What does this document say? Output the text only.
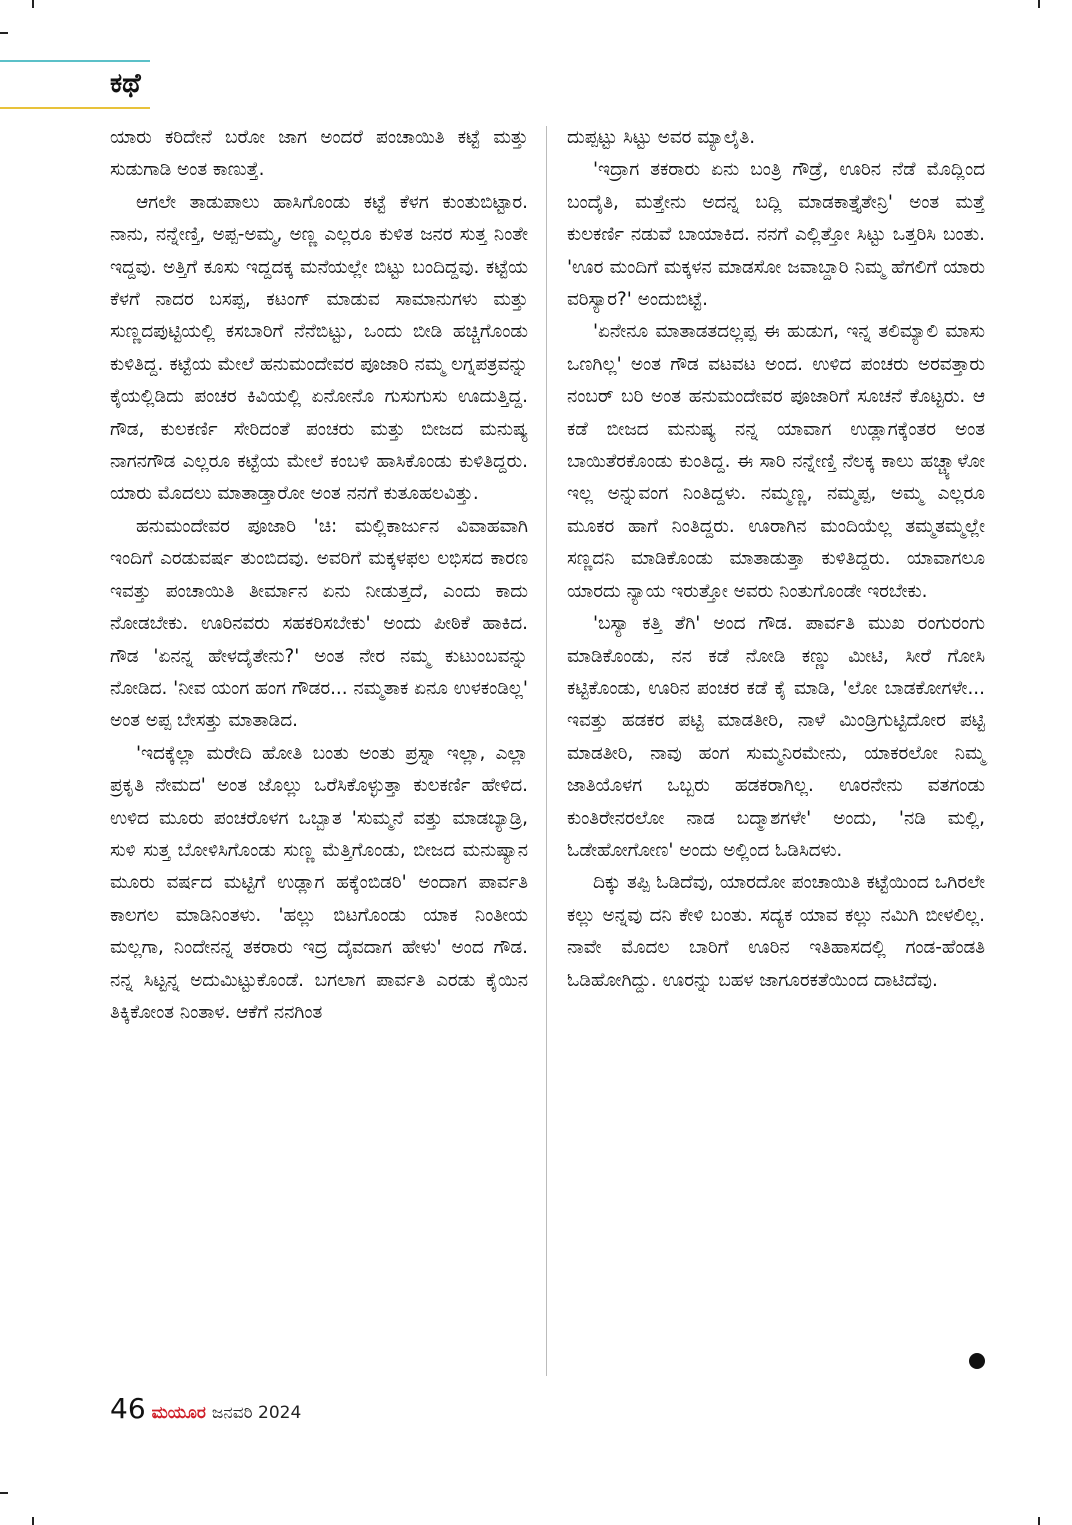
ಕಥೆ

ಯಾರು ಕರಿದೇನೆ ಬರೋ ಜಾಗ ಅಂದರೆ ಪಂಚಾಯಿತಿ ಕಟ್ಟೆ ಮತ್ತು ಸುಡುಗಾಡಿ ಅಂತ ಕಾಣುತ್ತೆ.

ಆಗಲೇ ತಾಡುಪಾಲು ಹಾಸಿಗೊಂಡು ಕಟ್ಟೆ ಕೆಳಗ ಕುಂತುಬಿಟ್ಟಾರ. ನಾನು, ನನ್ನೇಣ್ತಿ, ಅಪ್ಪ-ಅಮ್ಮ, ಅಣ್ಣ ಎಲ್ಲರೂ ಕುಳಿತ ಜನರ ಸುತ್ತ ನಿಂತೇ ಇದ್ದವು. ಅತ್ತಿಗೆ ಕೂಸು ಇದ್ದದಕ್ಕ ಮನೆಯಲ್ಲೇ ಬಿಟ್ಟು ಬಂದಿದ್ದವು. ಕಟ್ಟೆಯ ಕೆಳಗೆ ನಾದರ ಬಸಪ್ಪ, ಕಟಂಗ್ ಮಾಡುವ ಸಾಮಾನುಗಳು ಮತ್ತು ಸುಣ್ಣದಪುಟ್ಟಿಯಲ್ಲಿ ಕಸಬಾರಿಗೆ ನೆನೆಬಿಟ್ಟು, ಒಂದು ಬೀಡಿ ಹಚ್ಚಿಗೊಂಡು ಕುಳಿತಿದ್ದ. ಕಟ್ಟೆಯ ಮೇಲೆ ಹನುಮಂದೇವರ ಪೂಜಾರಿ ನಮ್ಮ ಲಗ್ನಪತ್ರವನ್ನು ಕೈಯಲ್ಲಿಡಿದು ಪಂಚರ ಕಿವಿಯಲ್ಲಿ ಏನೋನೊ ಗುಸುಗುಸು ಊದುತ್ತಿದ್ದ. ಗೌಡ, ಕುಲಕರ್ಣಿ ಸೇರಿದಂತೆ ಪಂಚರು ಮತ್ತು ಬೀಜದ ಮನುಷ್ಯ ನಾಗನಗೌಡ ಎಲ್ಲರೂ ಕಟ್ಟೆಯ ಮೇಲೆ ಕಂಬಳಿ ಹಾಸಿಕೊಂಡು ಕುಳಿತಿದ್ದರು. ಯಾರು ಮೊದಲು ಮಾತಾಡ್ತಾರೋ ಅಂತ ನನಗೆ ಕುತೂಹಲವಿತ್ತು.

ಹನುಮಂದೇವರ ಪೂಜಾರಿ 'ಚಿ: ಮಲ್ಲಿಕಾರ್ಜುನ ವಿವಾಹವಾಗಿ ಇಂದಿಗೆ ಎರಡುವರ್ಷ ತುಂಬಿದವು. ಅವರಿಗೆ ಮಕ್ಕಳಫಲ ಲಭಿಸದ ಕಾರಣ ಇವತ್ತು ಪಂಚಾಯಿತಿ ತೀರ್ಮಾನ ಏನು ನೀಡುತ್ತದೆ, ಎಂದು ಕಾದು ನೋಡಬೇಕು. ಊರಿನವರು ಸಹಕರಿಸಬೇಕು' ಅಂದು ಪೀಠಿಕೆ ಹಾಕಿದ. ಗೌಡ 'ಏನನ್ನ ಹೇಳದೈತೇನು?' ಅಂತ ನೇರ ನಮ್ಮ ಕುಟುಂಬವನ್ನು ನೋಡಿದ. 'ನೀವ ಯಂಗ ಹಂಗ ಗೌಡರ... ನಮ್ಮತಾಕ ಏನೂ ಉಳಕಂಡಿಲ್ಲ' ಅಂತ ಅಪ್ಪ ಬೇಸತ್ತು ಮಾತಾಡಿದ.

'ಇದಕ್ಕೆಲ್ಲಾ ಮರೇದಿ ಹೋತಿ ಬಂತು ಅಂತು ಪ್ರಸ್ನಾ ಇಲ್ಲಾ, ಎಲ್ಲಾ ಪ್ರಕೃತಿ ನೇಮದ' ಅಂತ ಜೊಲ್ಲು ಒರೆಸಿಕೊಳ್ಳುತ್ತಾ ಕುಲಕರ್ಣಿ ಹೇಳಿದ. ಉಳಿದ ಮೂರು ಪಂಚರೊಳಗ ಒಬ್ಬಾತ 'ಸುಮ್ಮನೆ ವತ್ತು ಮಾಡಬ್ಯಾಡ್ರಿ, ಸುಳಿ ಸುತ್ತ ಬೋಳಿಸಿಗೊಂಡು ಸುಣ್ಣ ಮೆತ್ತಿಗೊಂಡು, ಬೀಜದ ಮನುಷ್ಯಾನ ಮೂರು ವರ್ಷದ ಮಟ್ಟಿಗೆ ಉಡ್ಲಾಗ ಹಕ್ಕೆಂಬಿಡರಿ' ಅಂದಾಗ ಪಾರ್ವತಿ ಕಾಲಗಲ ಮಾಡಿನಿಂತಳು. 'ಹಲ್ಲು ಬಿಟಗೊಂಡು ಯಾಕ ನಿಂತೀಯ ಮಲ್ಲಗಾ, ನಿಂದೇನನ್ನ ತಕರಾರು ಇದ್ರ ದೈವದಾಗ ಹೇಳು' ಅಂದ ಗೌಡ. ನನ್ನ ಸಿಟ್ಟನ್ನ ಅದುಮಿಟ್ಟುಕೊಂಡೆ. ಬಗಲಾಗ ಪಾರ್ವತಿ ಎರಡು ಕೈಯಿನ ತಿಕ್ಕಿಕೋಂತ ನಿಂತಾಳ. ಆಕೆಗೆ ನನಗಿಂತ

ದುಪ್ಪಟ್ಟು ಸಿಟ್ಟು ಅವರ ಮ್ಯಾಲೈತಿ.

'ಇದ್ರಾಗ ತಕರಾರು ಏನು ಬಂತ್ರಿ ಗೌಡ್ರೆ, ಊರಿನ ನೆಡೆ ಮೊದ್ಲಿಂದ ಬಂದೈತಿ, ಮತ್ತೇನು ಅದನ್ನ ಬದ್ಲಿ ಮಾಡಕಾತ್ತೈತೇನ್ರಿ' ಅಂತ ಮತ್ತೆ ಕುಲಕರ್ಣಿ ನಡುವೆ ಬಾಯಾಕಿದ. ನನಗೆ ಎಲ್ಲಿತ್ತೋ ಸಿಟ್ಟು ಒತ್ತರಿಸಿ ಬಂತು. 'ಊರ ಮಂದಿಗೆ ಮಕ್ಕಳನ ಮಾಡಸೋ ಜವಾಬ್ದಾರಿ ನಿಮ್ಮ ಹೆಗಲಿಗೆ ಯಾರು ವರಿಸ್ಯಾರ?' ಅಂದುಬಿಟ್ಟೆ.

'ಏನೇನೂ ಮಾತಾಡತದಲ್ಲಪ್ಪ ಈ ಹುಡುಗ, ಇನ್ನ ತಲಿಮ್ಯಾಲಿ ಮಾಸು ಒಣಗಿಲ್ಲ' ಅಂತ ಗೌಡ ವಟವಟ ಅಂದ. ಉಳಿದ ಪಂಚರು ಅರವತ್ತಾರು ನಂಬರ್ ಬರಿ ಅಂತ ಹನುಮಂದೇವರ ಪೂಜಾರಿಗೆ ಸೂಚನೆ ಕೊಟ್ಟರು. ಆ ಕಡೆ ಬೀಜದ ಮನುಷ್ಯ ನನ್ನ ಯಾವಾಗ ಉಡ್ಲಾಗಕ್ಕೆಂತರ ಅಂತ ಬಾಯಿತೆರಕೊಂಡು ಕುಂತಿದ್ದ. ಈ ಸಾರಿ ನನ್ನೇಣ್ತಿ ನೆಲಕ್ಕ ಕಾಲು ಹಚ್ಚ್ಯಾಳೋ ಇಲ್ಲ ಅನ್ನುವಂಗ ನಿಂತಿದ್ದಳು. ನಮ್ಮಣ್ಣ, ನಮ್ಮಪ್ಪ, ಅಮ್ಮ ಎಲ್ಲರೂ ಮೂಕರ ಹಾಗೆ ನಿಂತಿದ್ದರು. ಊರಾಗಿನ ಮಂದಿಯೆಲ್ಲ ತಮ್ಮತಮ್ಮಲ್ಲೇ ಸಣ್ಣದನಿ ಮಾಡಿಕೊಂಡು ಮಾತಾಡುತ್ತಾ ಕುಳಿತಿದ್ದರು. ಯಾವಾಗಲೂ ಯಾರದು ನ್ಯಾಯ ಇರುತ್ತೋ ಅವರು ನಿಂತುಗೊಂಡೇ ಇರಬೇಕು.

'ಬಸ್ಯಾ ಕತ್ತಿ ತೆಗಿ' ಅಂದ ಗೌಡ. ಪಾರ್ವತಿ ಮುಖ ರಂಗುರಂಗು ಮಾಡಿಕೊಂಡು, ನನ ಕಡೆ ನೋಡಿ ಕಣ್ಣು ಮೀಟಿ, ಸೀರೆ ಗೋಸಿ ಕಟ್ಟಿಕೊಂಡು, ಊರಿನ ಪಂಚರ ಕಡೆ ಕೈ ಮಾಡಿ, 'ಲೋ ಬಾಡಕೋಗಳೇ... ಇವತ್ತು ಹಡಕರ ಪಟ್ಟಿ ಮಾಡತೀರಿ, ನಾಳೆ ಮಿಂಡ್ರಿಗುಟ್ಟಿದೋರ ಪಟ್ಟಿ ಮಾಡತೀರಿ, ನಾವು ಹಂಗ ಸುಮ್ಮನಿರಮೇನು, ಯಾಕರಲೋ ನಿಮ್ಮ ಜಾತಿಯೊಳಗ ಒಬ್ಬರು ಹಡಕರಾಗಿಲ್ಲ. ಊರನೇನು ವತಗಂಡು ಕುಂತಿರೇನರಲೋ ನಾಡ ಬದ್ಮಾಶಗಳೇ' ಅಂದು, 'ನಡಿ ಮಲ್ಲಿ, ಓಡೇಹೋಗೋಣ' ಅಂದು ಅಲ್ಲಿಂದ ಓಡಿಸಿದಳು.

ದಿಕ್ಕು ತಪ್ಪಿ ಓಡಿದೆವು, ಯಾರದೋ ಪಂಚಾಯಿತಿ ಕಟ್ಟೆಯಿಂದ ಒಗಿರಲೇ ಕಲ್ಲು ಅನ್ನವು ದನಿ ಕೇಳಿ ಬಂತು. ಸದ್ಯಕ ಯಾವ ಕಲ್ಲು ನಮಿಗಿ ಬೀಳಲಿಲ್ಲ. ನಾವೇ ಮೊದಲ ಬಾರಿಗೆ ಊರಿನ ಇತಿಹಾಸದಲ್ಲಿ ಗಂಡ-ಹೆಂಡತಿ ಓಡಿಹೋಗಿದ್ದು. ಊರನ್ನು ಬಹಳ ಜಾಗೂರಕತೆಯಿಂದ ದಾಟಿದೆವು.

46 ಮಯೂರ ಜನವರಿ 2024
